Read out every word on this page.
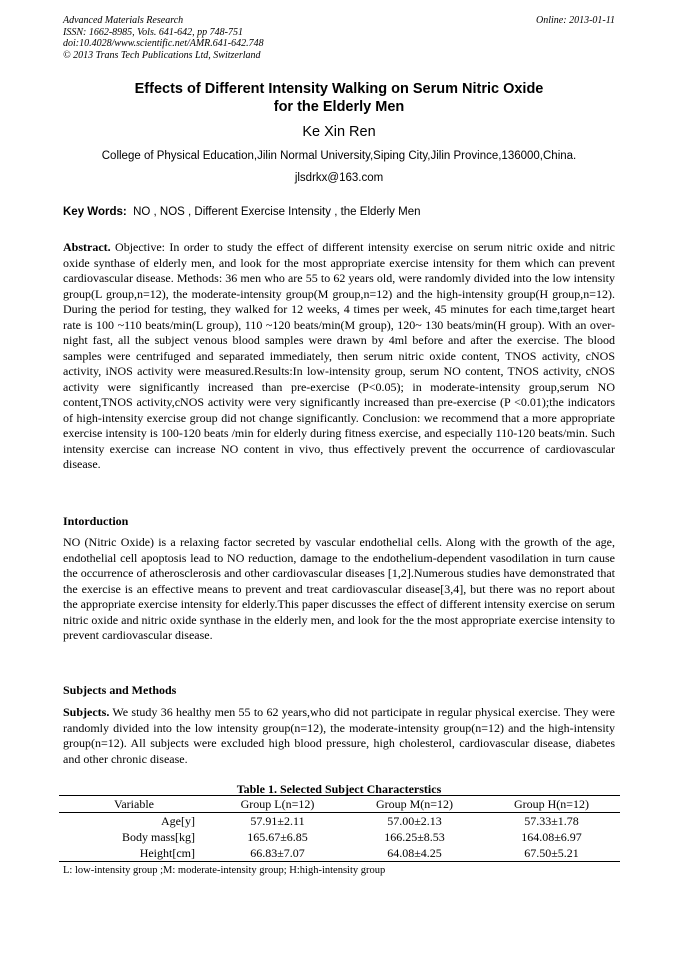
Advanced Materials Research
ISSN: 1662-8985, Vols. 641-642, pp 748-751
doi:10.4028/www.scientific.net/AMR.641-642.748
© 2013 Trans Tech Publications Ltd, Switzerland
Online: 2013-01-11
Effects of Different Intensity Walking on Serum Nitric Oxide
for the Elderly Men
Ke Xin Ren
College of Physical Education,Jilin Normal University,Siping City,Jilin Province,136000,China.
jlsdrkx@163.com
Key Words: NO , NOS , Different Exercise Intensity , the Elderly Men
Abstract. Objective: In order to study the effect of different intensity exercise on serum nitric oxide and nitric oxide synthase of elderly men, and look for the most appropriate exercise intensity for them which can prevent cardiovascular disease. Methods: 36 men who are 55 to 62 years old, were randomly divided into the low intensity group(L group,n=12), the moderate-intensity group(M group,n=12) and the high-intensity group(H group,n=12). During the period for testing, they walked for 12 weeks, 4 times per week, 45 minutes for each time,target heart rate is 100 ~110 beats/min(L group), 110 ~120 beats/min(M group), 120~ 130 beats/min(H group). With an over-night fast, all the subject venous blood samples were drawn by 4ml before and after the exercise. The blood samples were centrifuged and separated immediately, then serum nitric oxide content, TNOS activity, cNOS activity, iNOS activity were measured.Results:In low-intensity group, serum NO content, TNOS activity, cNOS activity were significantly increased than pre-exercise (P<0.05); in moderate-intensity group,serum NO content,TNOS activity,cNOS activity were very significantly increased than pre-exercise (P <0.01);the indicators of high-intensity exercise group did not change significantly. Conclusion: we recommend that a more appropriate exercise intensity is 100-120 beats /min for elderly during fitness exercise, and especially 110-120 beats/min. Such intensity exercise can increase NO content in vivo, thus effectively prevent the occurrence of cardiovascular disease.
Intorduction
NO (Nitric Oxide) is a relaxing factor secreted by vascular endothelial cells. Along with the growth of the age, endothelial cell apoptosis lead to NO reduction, damage to the endothelium-dependent vasodilation in turn cause the occurrence of atherosclerosis and other cardiovascular diseases [1,2].Numerous studies have demonstrated that the exercise is an effective means to prevent and treat cardiovascular disease[3,4], but there was no report about the appropriate exercise intensity for elderly.This paper discusses the effect of different intensity exercise on serum nitric oxide and nitric oxide synthase in the elderly men, and look for the the most appropriate exercise intensity to prevent cardiovascular disease.
Subjects and Methods
Subjects. We study 36 healthy men 55 to 62 years,who did not participate in regular physical exercise. They were randomly divided into the low intensity group(n=12), the moderate-intensity group(n=12) and the high-intensity group(n=12). All subjects were excluded high blood pressure, high cholesterol, cardiovascular disease, diabetes and other chronic disease.
Table 1. Selected Subject Characterstics
Variable	Group L(n=12)	Group M(n=12)	Group H(n=12)
Age[y]	57.91±2.11	57.00±2.13	57.33±1.78
Body mass[kg]	165.67±6.85	166.25±8.53	164.08±6.97
Height[cm]	66.83±7.07	64.08±4.25	67.50±5.21
L: low-intensity group ;M: moderate-intensity group; H:high-intensity group
